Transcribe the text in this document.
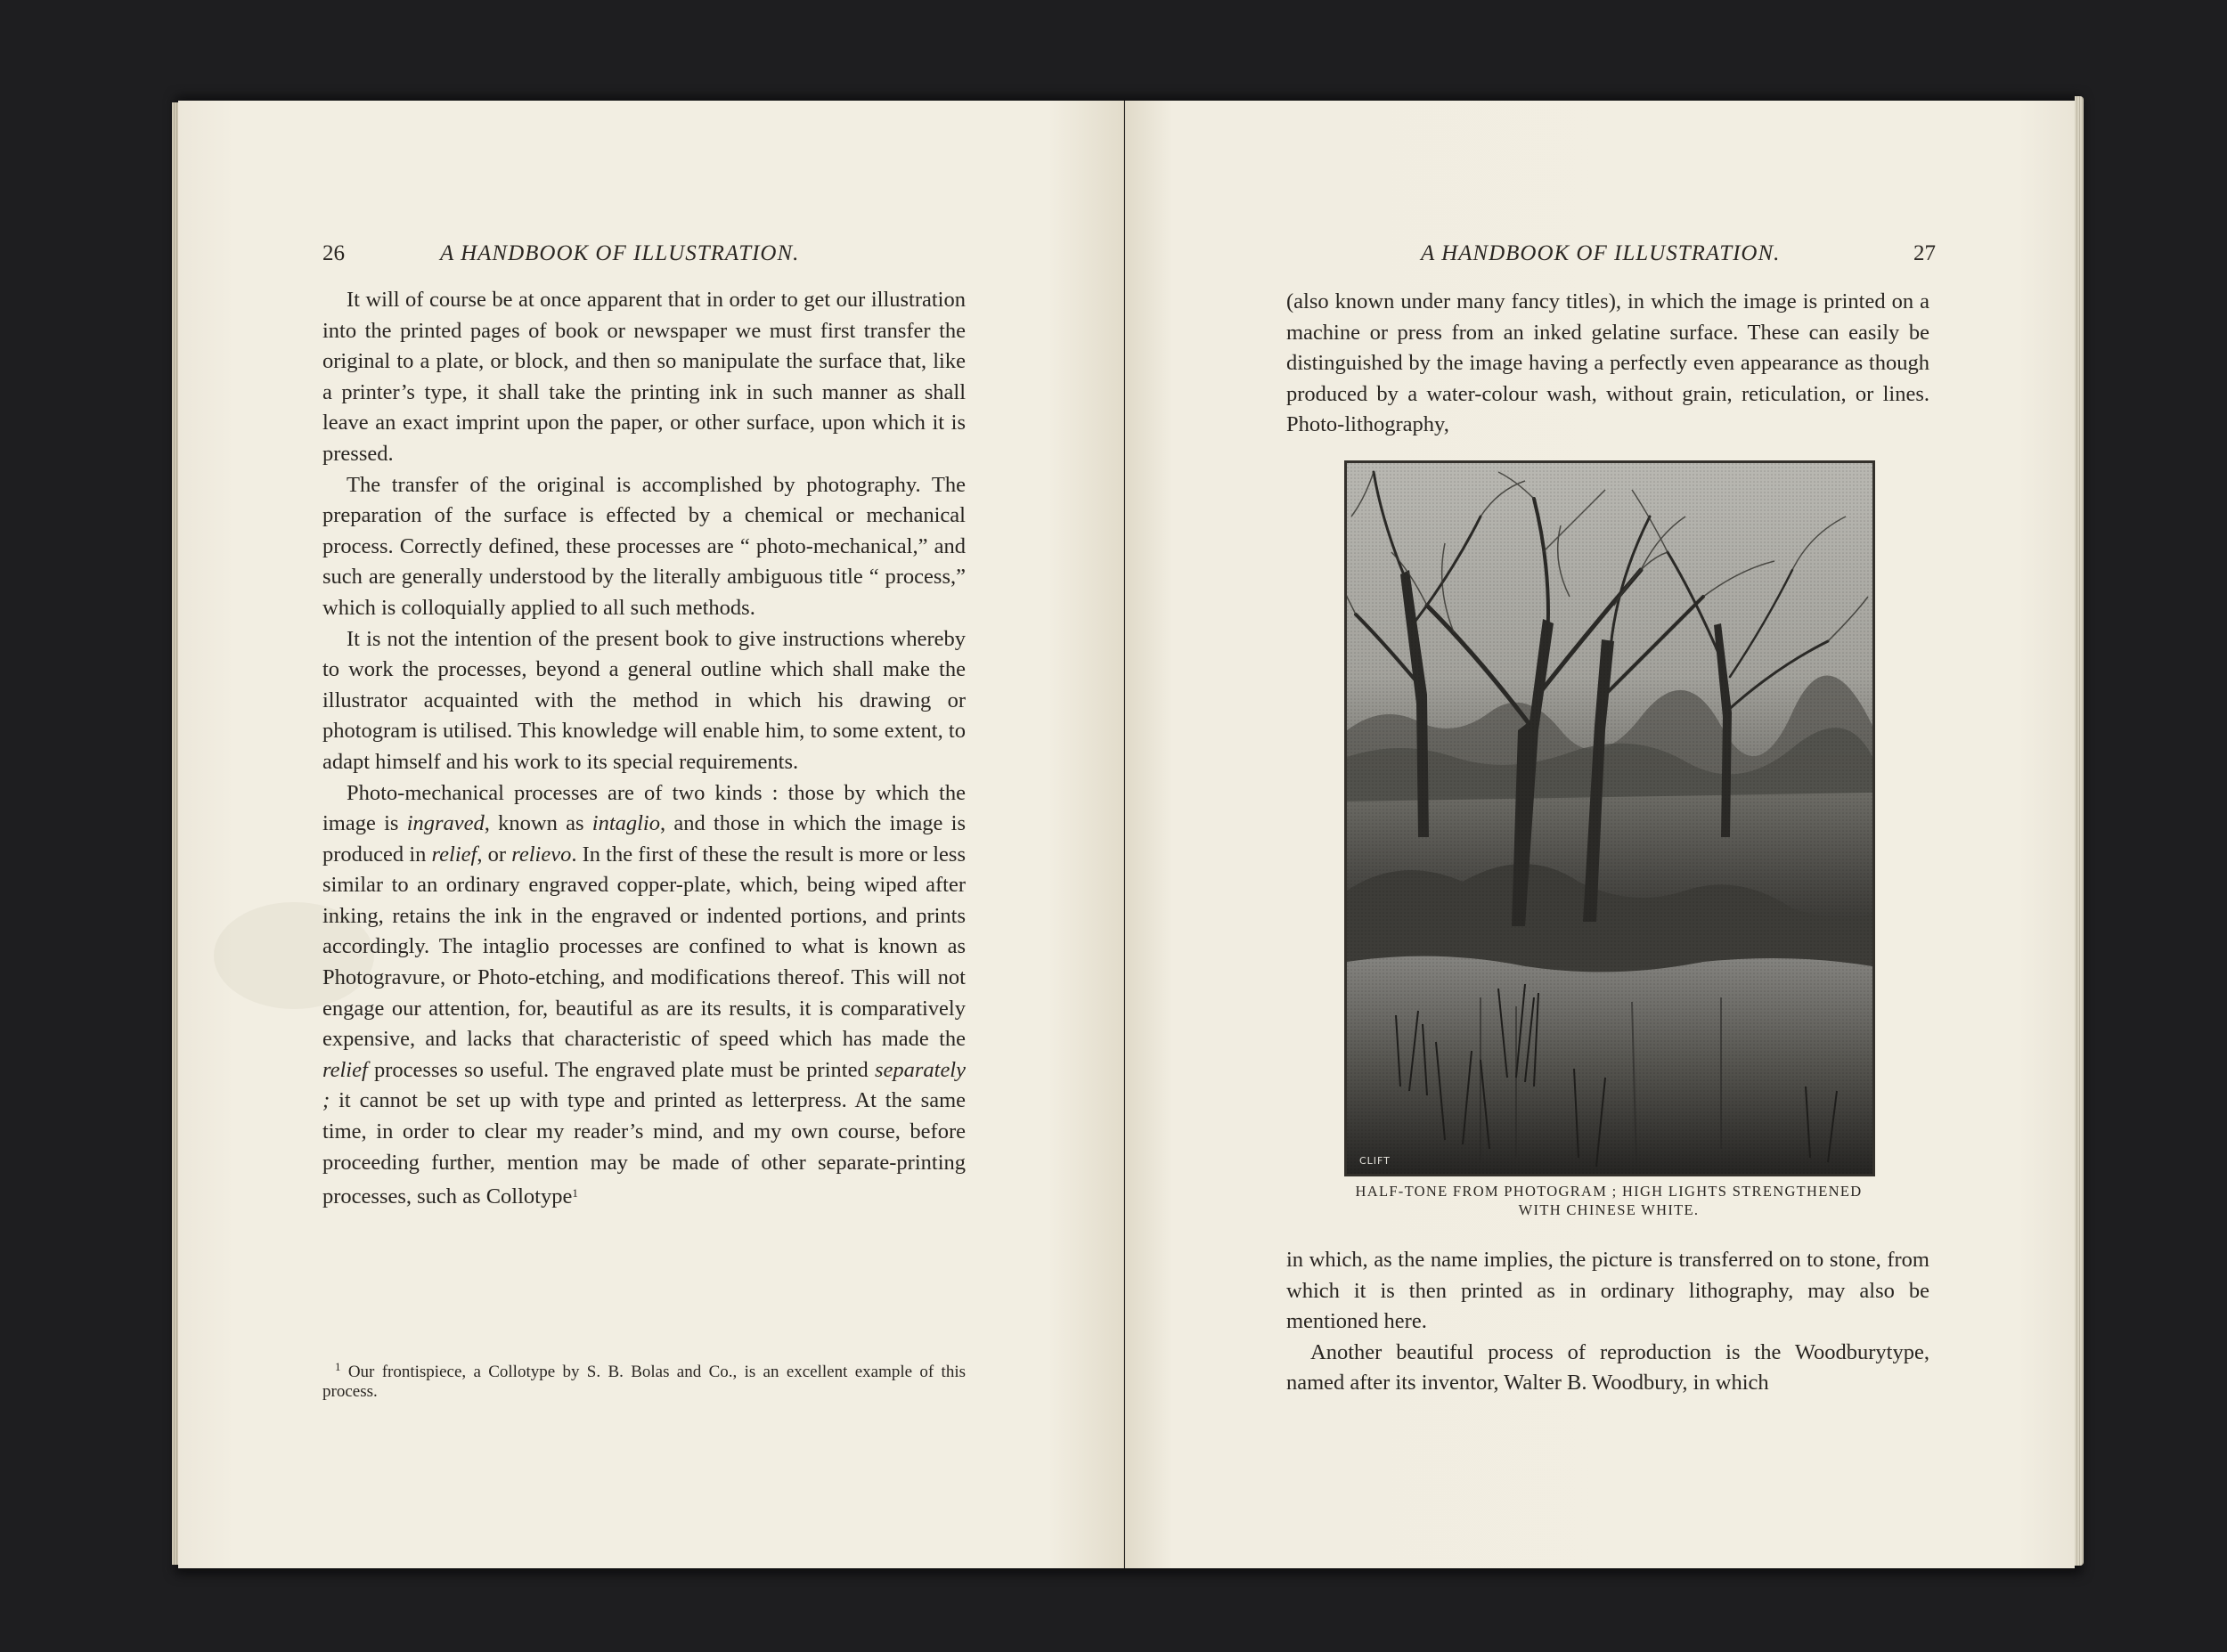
26	A HANDBOOK OF ILLUSTRATION.

It will of course be at once apparent that in order to get our illustration into the printed pages of book or newspaper we must first transfer the original to a plate, or block, and then so manipulate the surface that, like a printer’s type, it shall take the printing ink in such manner as shall leave an exact imprint upon the paper, or other surface, upon which it is pressed.

The transfer of the original is accomplished by photography. The preparation of the surface is effected by a chemical or mechanical process. Correctly defined, these processes are “ photo-mechanical,” and such are generally understood by the literally ambiguous title “ process,” which is colloquially applied to all such methods.

It is not the intention of the present book to give instructions whereby to work the processes, beyond a general outline which shall make the illustrator acquainted with the method in which his drawing or photogram is utilised. This knowledge will enable him, to some extent, to adapt himself and his work to its special requirements.

Photo-mechanical processes are of two kinds : those by which the image is ingraved, known as intaglio, and those in which the image is produced in relief, or relievo. In the first of these the result is more or less similar to an ordinary engraved copper-plate, which, being wiped after inking, retains the ink in the engraved or indented portions, and prints accordingly. The intaglio processes are confined to what is known as Photogravure, or Photo-etching, and modifications thereof. This will not engage our attention, for, beautiful as are its results, it is comparatively expensive, and lacks that characteristic of speed which has made the relief processes so useful. The engraved plate must be printed separately ; it cannot be set up with type and printed as letterpress. At the same time, in order to clear my reader’s mind, and my own course, before proceeding further, mention may be made of other separate-printing processes, such as Collotype$^1$

$^1$ Our frontispiece, a Collotype by S. B. Bolas and Co., is an excellent example of this process.

A HANDBOOK OF ILLUSTRATION.	27

(also known under many fancy titles), in which the image is printed on a machine or press from an inked gelatine surface. These can easily be distinguished by the image having a perfectly even appearance as though produced by a water-colour wash, without grain, reticulation, or lines. Photo-lithography,

CLIFT
HALF-TONE FROM PHOTOGRAM ; HIGH LIGHTS STRENGTHENED
WITH CHINESE WHITE.

in which, as the name implies, the picture is transferred on to stone, from which it is then printed as in ordinary lithography, may also be mentioned here.

Another beautiful process of reproduction is the Woodburytype, named after its inventor, Walter B. Woodbury, in which
